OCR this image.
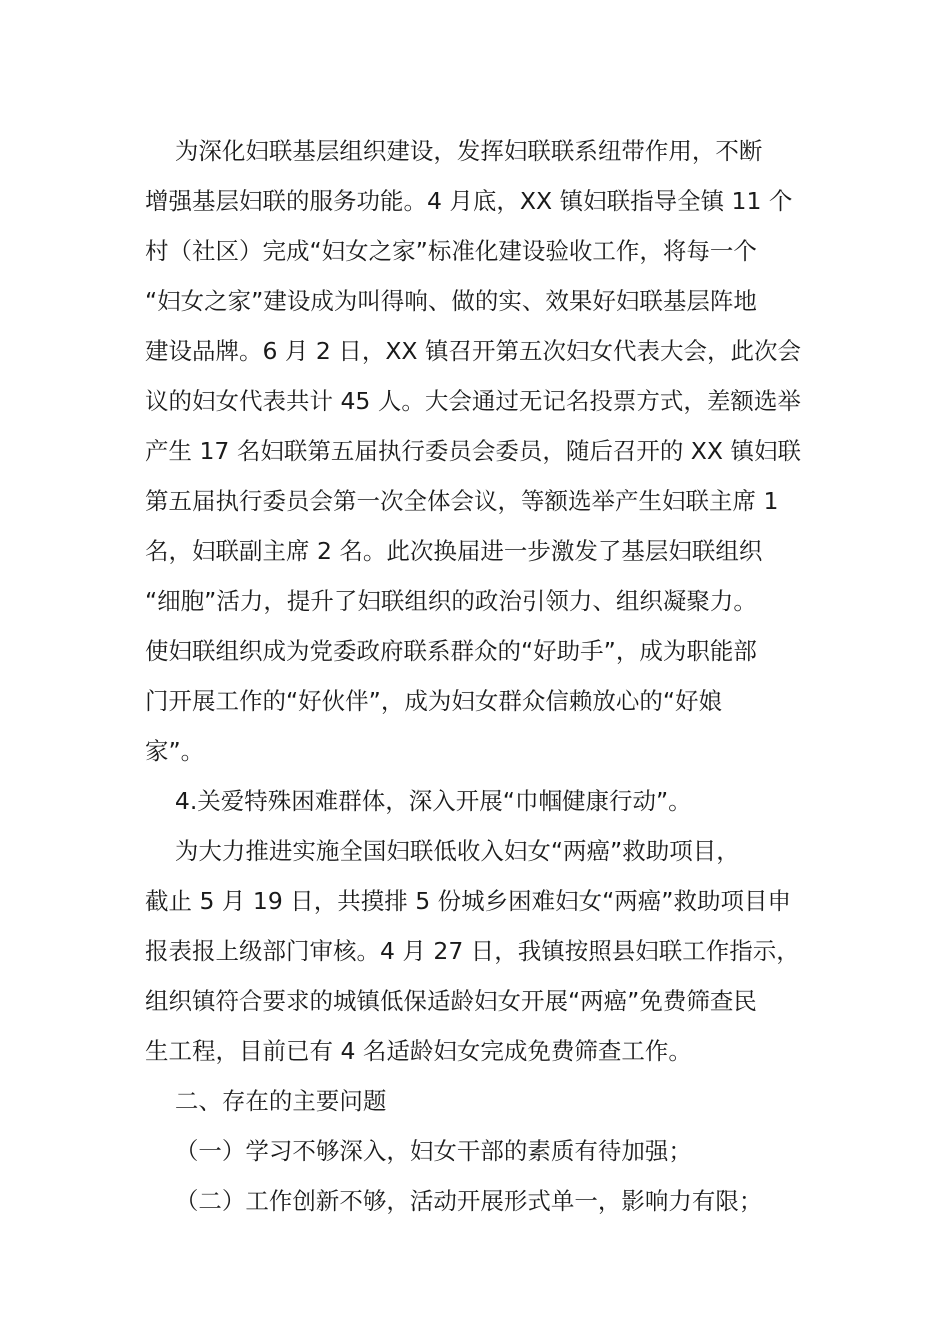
为深化妇联基层组织建设，发挥妇联联系纽带作用，不断
增强基层妇联的服务功能。4 月底，XX 镇妇联指导全镇 11 个
村（社区）完成“妇女之家”标准化建设验收工作，将每一个
“妇女之家”建设成为叫得响、做的实、效果好妇联基层阵地
建设品牌。6 月 2 日，XX 镇召开第五次妇女代表大会，此次会
议的妇女代表共计 45 人。大会通过无记名投票方式，差额选举
产生 17 名妇联第五届执行委员会委员，随后召开的 XX 镇妇联
第五届执行委员会第一次全体会议，等额选举产生妇联主席 1
名，妇联副主席 2 名。此次换届进一步激发了基层妇联组织
“细胞”活力，提升了妇联组织的政治引领力、组织凝聚力。
使妇联组织成为党委政府联系群众的“好助手”，成为职能部
门开展工作的“好伙伴”，成为妇女群众信赖放心的“好娘
家”。
4.关爱特殊困难群体，深入开展“巾帼健康行动”。
为大力推进实施全国妇联低收入妇女“两癌”救助项目，
截止 5 月 19 日，共摸排 5 份城乡困难妇女“两癌”救助项目申
报表报上级部门审核。4 月 27 日，我镇按照县妇联工作指示，
组织镇符合要求的城镇低保适龄妇女开展“两癌”免费筛查民
生工程，目前已有 4 名适龄妇女完成免费筛查工作。
二、存在的主要问题
（一）学习不够深入，妇女干部的素质有待加强；
（二）工作创新不够，活动开展形式单一，影响力有限；
